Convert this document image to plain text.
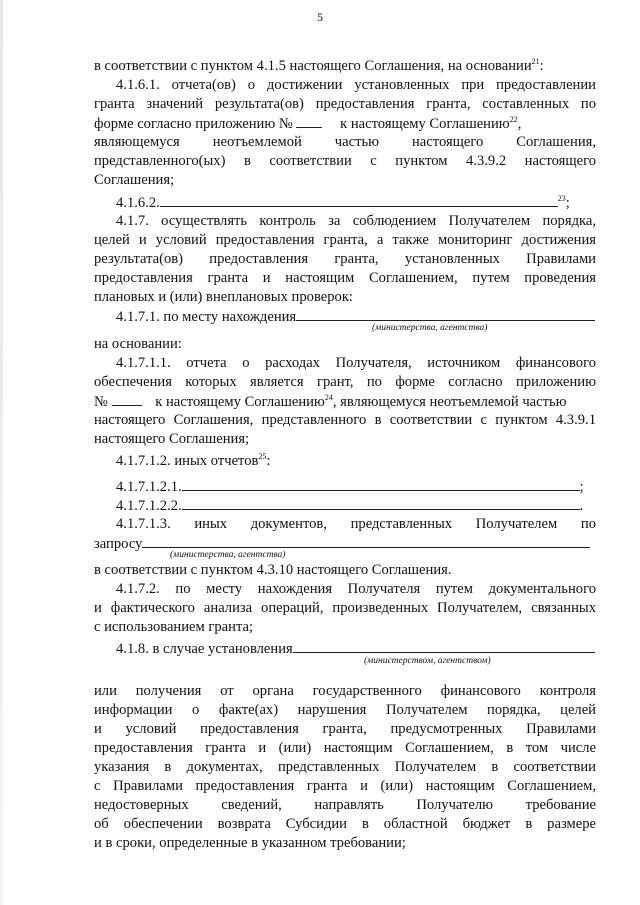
5
в соответствии с пунктом 4.1.5 настоящего Соглашения, на основании$^{21}$:
4.1.6.1. отчета(ов) о достижении установленных при предоставлении
гранта значений результата(ов) предоставления гранта, составленных по
форме согласно приложению №	к настоящему Соглашению$^{22}$,
являющемуся неотъемлемой частью настоящего Соглашения,
представленного(ых) в соответствии с пунктом 4.3.9.2 настоящего
Соглашения;
4.1.6.2.	$^{23}$;
4.1.7. осуществлять контроль за соблюдением Получателем порядка,
целей и условий предоставления гранта, а также мониторинг достижения
результата(ов) предоставления гранта, установленных Правилами
предоставления гранта и настоящим Соглашением, путем проведения
плановых и (или) внеплановых проверок:
4.1.7.1. по месту нахождения
(министерства, агентства)
на основании:
4.1.7.1.1. отчета о расходах Получателя, источником финансового
обеспечения которых является грант, по форме согласно приложению
№	к настоящему Соглашению$^{24}$, являющемуся неотъемлемой частью
настоящего Соглашения, представленного в соответствии с пунктом 4.3.9.1
настоящего Соглашения;
4.1.7.1.2. иных отчетов$^{25}$:
4.1.7.1.2.1.	;
4.1.7.1.2.2.	.
4.1.7.1.3. иных документов, представленных Получателем по
запросу
(министерства, агентства)
в соответствии с пунктом 4.3.10 настоящего Соглашения.
4.1.7.2. по месту нахождения Получателя путем документального
и фактического анализа операций, произведенных Получателем, связанных
с использованием гранта;
4.1.8. в случае установления
(министерством, агентством)
или получения от органа государственного финансового контроля
информации о факте(ах) нарушения Получателем порядка, целей
и условий предоставления гранта, предусмотренных Правилами
предоставления гранта и (или) настоящим Соглашением, в том числе
указания в документах, представленных Получателем в соответствии
с Правилами предоставления гранта и (или) настоящим Соглашением,
недостоверных сведений, направлять Получателю требование
об обеспечении возврата Субсидии в областной бюджет в размере
и в сроки, определенные в указанном требовании;
